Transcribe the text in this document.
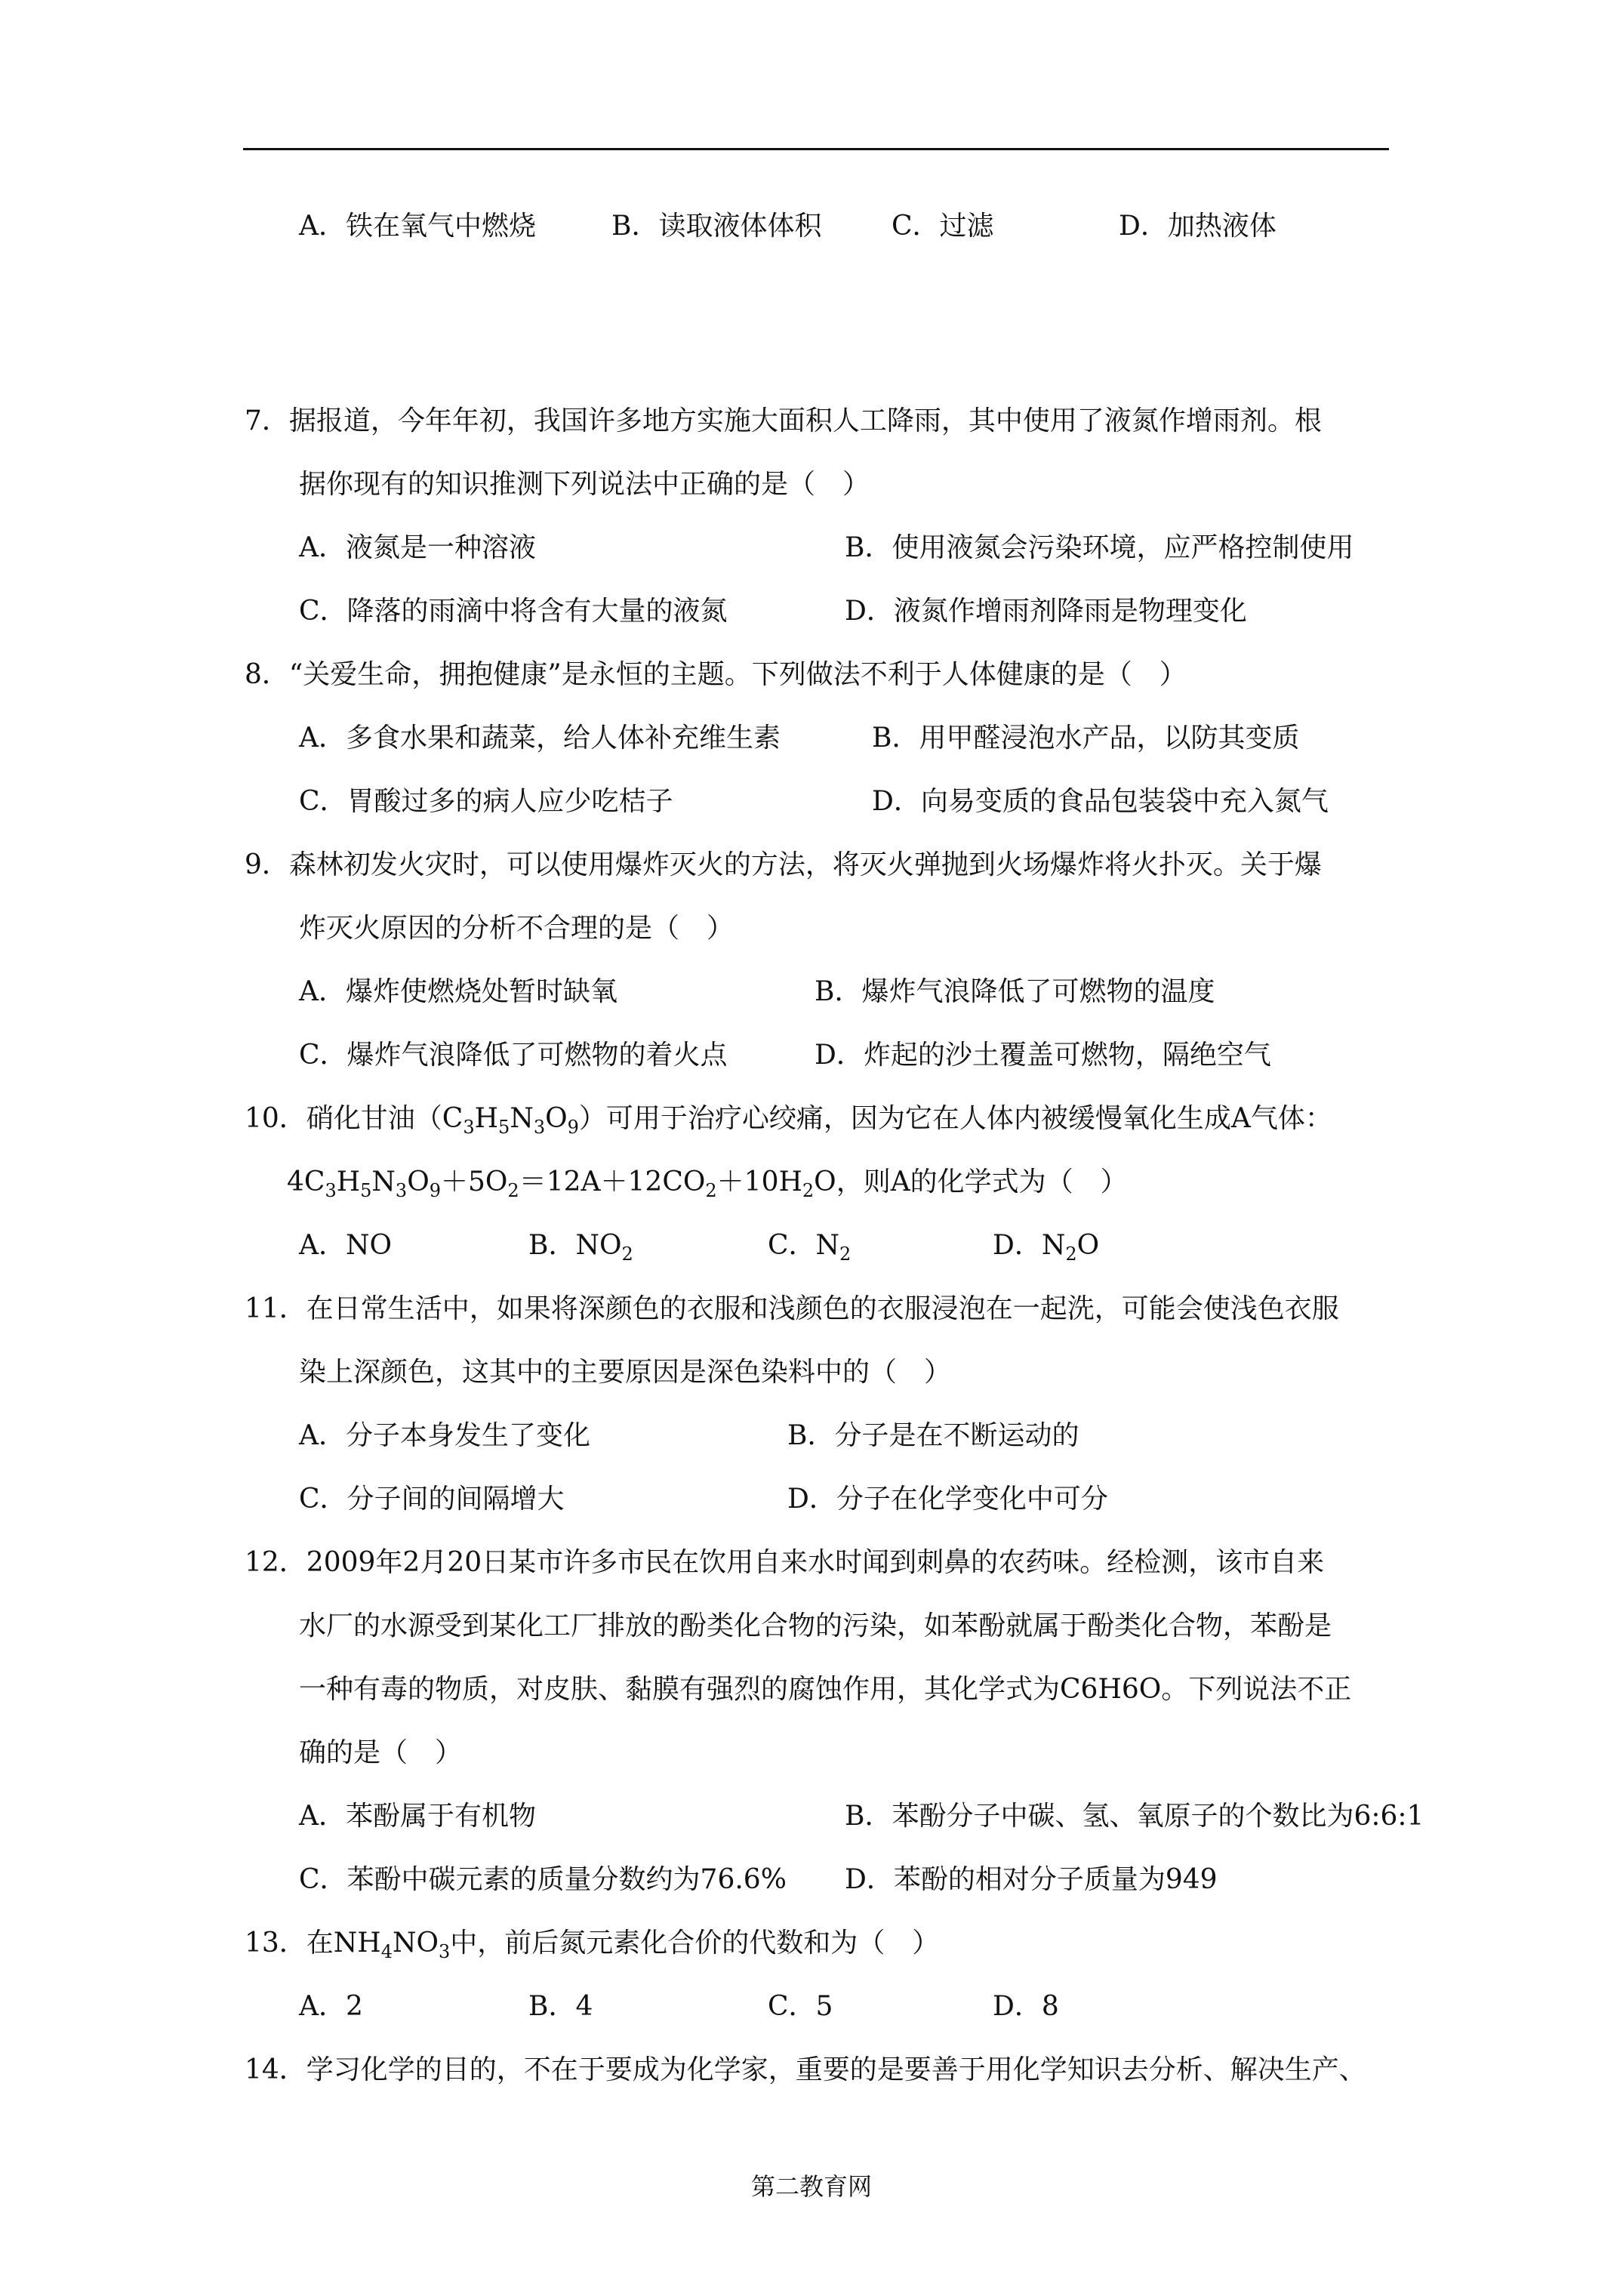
A．铁在氧气中燃烧	B．读取液体体积	C．过滤	D．加热液体
7．据报道，今年年初，我国许多地方实施大面积人工降雨，其中使用了液氮作增雨剂。根
据你现有的知识推测下列说法中正确的是（　）
A．液氮是一种溶液	B．使用液氮会污染环境，应严格控制使用
C．降落的雨滴中将含有大量的液氮	D．液氮作增雨剂降雨是物理变化
8．“关爱生命，拥抱健康”是永恒的主题。下列做法不利于人体健康的是（　）
A．多食水果和蔬菜，给人体补充维生素	B．用甲醛浸泡水产品，以防其变质
C．胃酸过多的病人应少吃桔子	D．向易变质的食品包装袋中充入氮气
9．森林初发火灾时，可以使用爆炸灭火的方法，将灭火弹抛到火场爆炸将火扑灭。关于爆
炸灭火原因的分析不合理的是（　）
A．爆炸使燃烧处暂时缺氧	B．爆炸气浪降低了可燃物的温度
C．爆炸气浪降低了可燃物的着火点	D．炸起的沙土覆盖可燃物，隔绝空气
10．硝化甘油$(C_3H_5N_3O_9)$可用于治疗心绞痛，因为它在人体内被缓慢氧化生成A气体：
$4C_3H_5N_3O_9+5O_2=12A+12CO_2+10H_2O$，则A的化学式为（　）
A．NO	B．$NO_2$	C．$N_2$	D．$N_2O$
11．在日常生活中，如果将深颜色的衣服和浅颜色的衣服浸泡在一起洗，可能会使浅色衣服
染上深颜色，这其中的主要原因是深色染料中的（　）
A．分子本身发生了变化	B．分子是在不断运动的
C．分子间的间隔增大	D．分子在化学变化中可分
12．2009年2月20日某市许多市民在饮用自来水时闻到刺鼻的农药味。经检测，该市自来
水厂的水源受到某化工厂排放的酚类化合物的污染，如苯酚就属于酚类化合物，苯酚是
一种有毒的物质，对皮肤、黏膜有强烈的腐蚀作用，其化学式为C6H6O。下列说法不正
确的是（　）
A．苯酚属于有机物	B．苯酚分子中碳、氢、氧原子的个数比为6:6:1
C．苯酚中碳元素的质量分数约为76.6% D．苯酚的相对分子质量为949
13．在$NH_4NO_3$中，前后氮元素化合价的代数和为（　）
A．2	B．4	C．5	D．8
14．学习化学的目的，不在于要成为化学家，重要的是要善于用化学知识去分析、解决生产、
第二教育网
